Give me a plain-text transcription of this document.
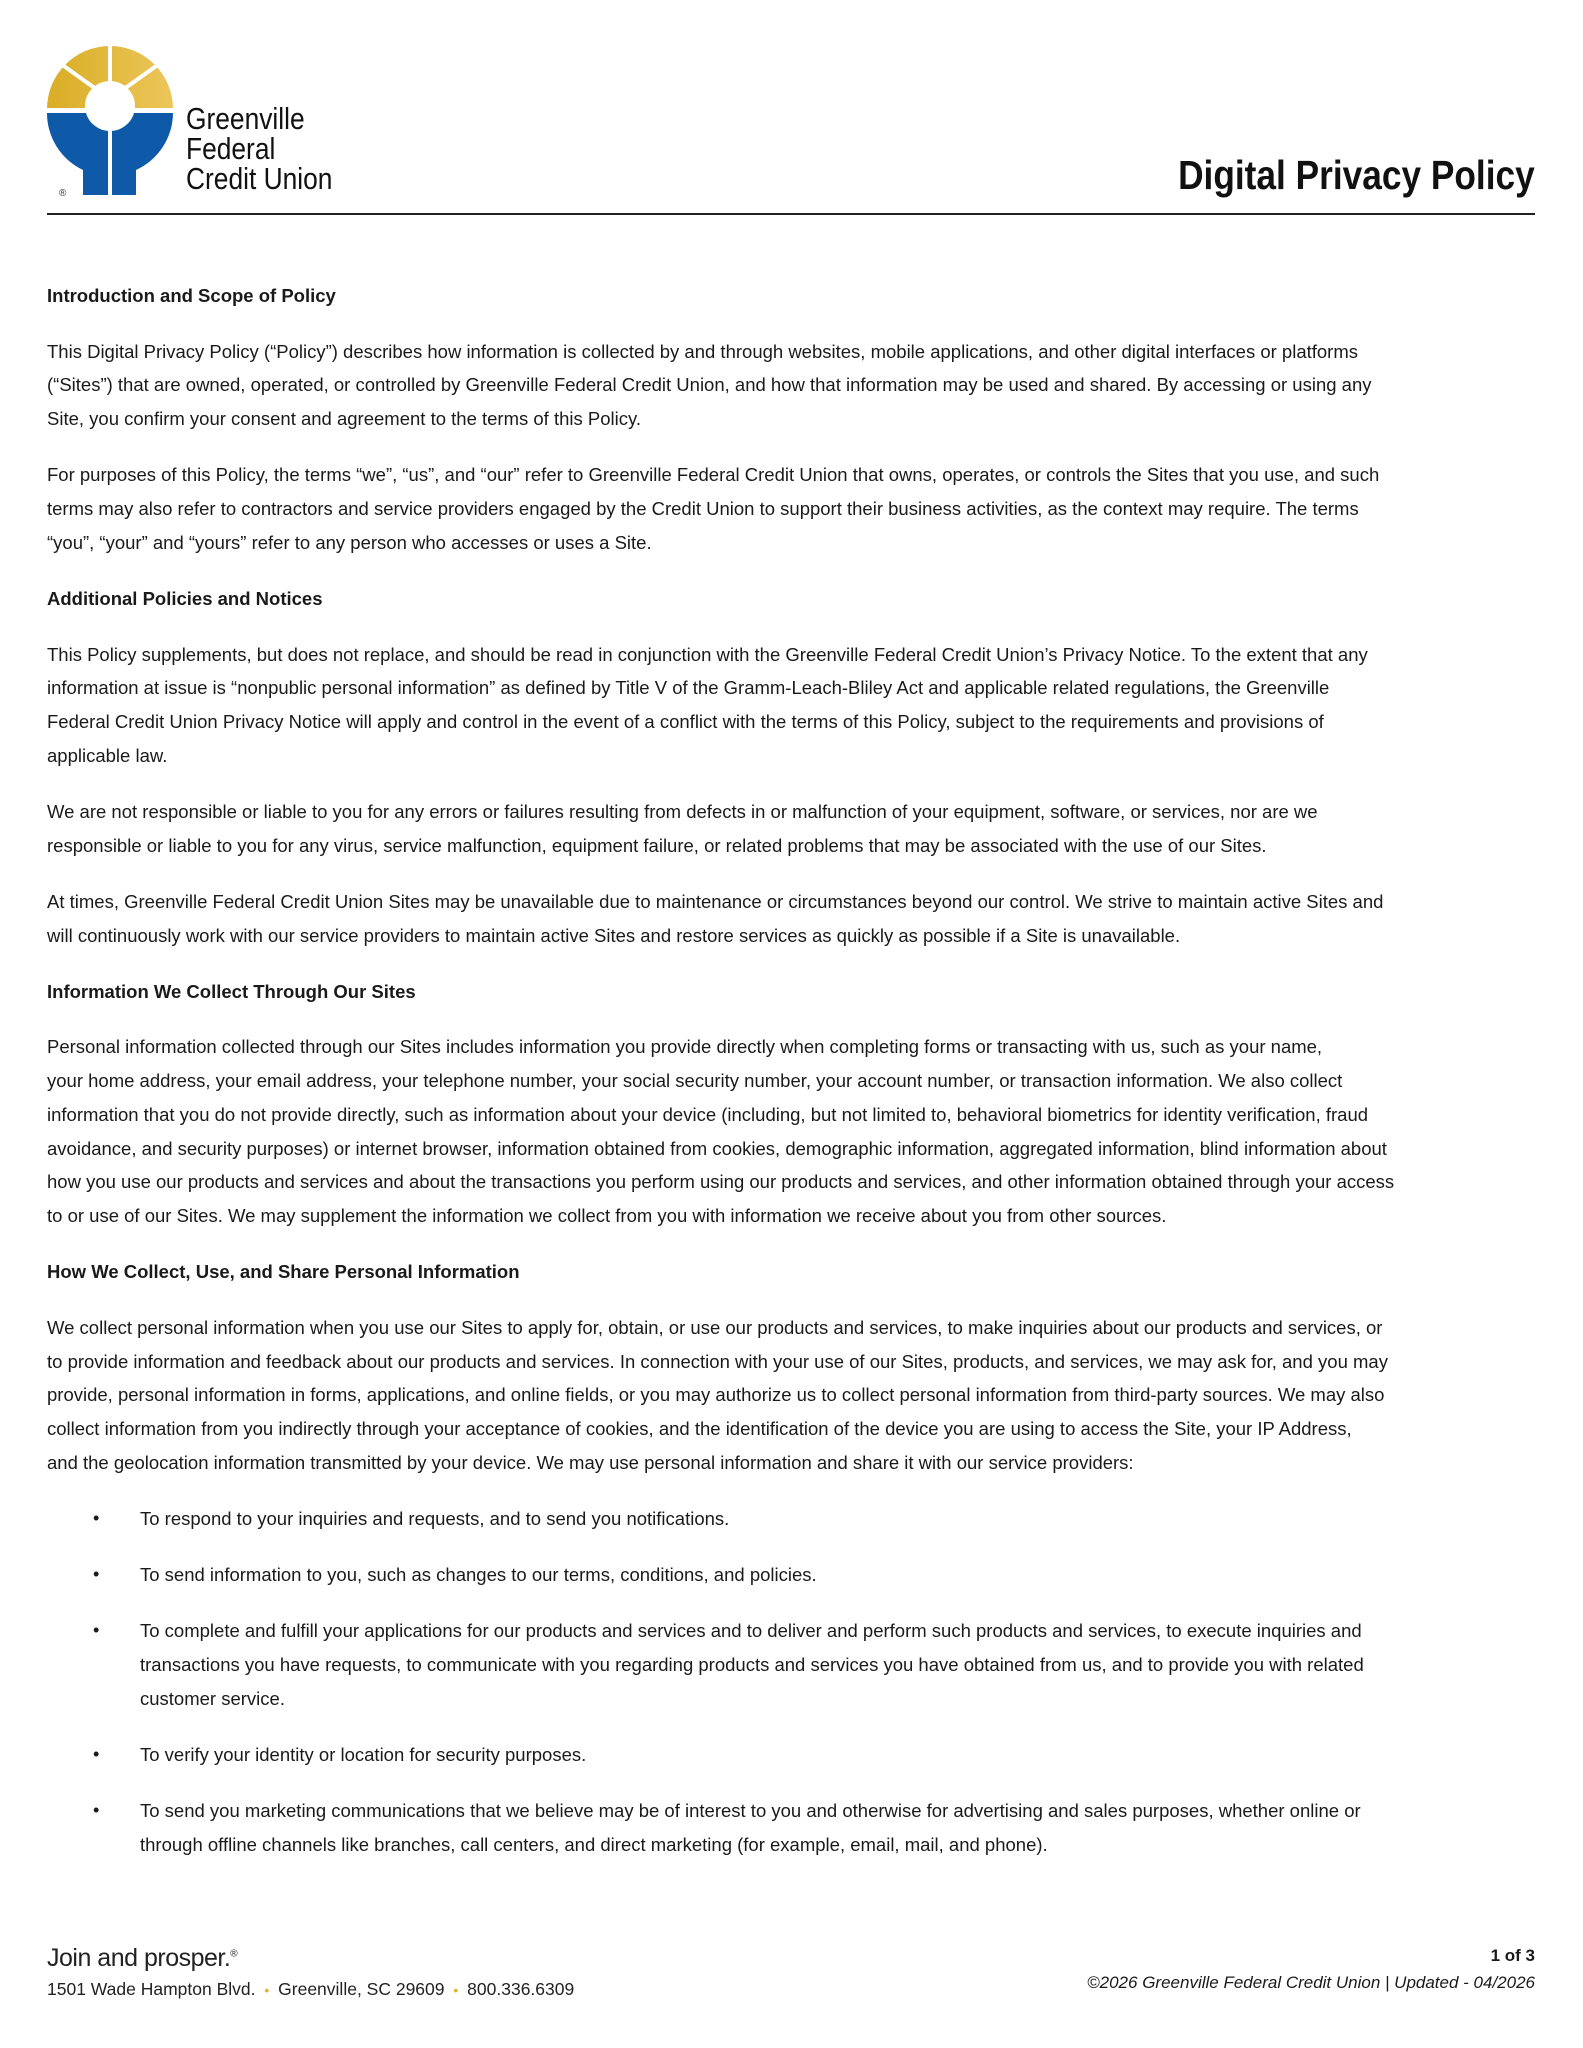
®
Greenville
Federal
Credit Union	Digital Privacy Policy
Introduction and Scope of Policy
This Digital Privacy Policy (“Policy”) describes how information is collected by and through websites, mobile applications, and other digital interfaces or platforms
(“Sites”) that are owned, operated, or controlled by Greenville Federal Credit Union, and how that information may be used and shared. By accessing or using any
Site, you confirm your consent and agreement to the terms of this Policy.
For purposes of this Policy, the terms “we”, “us”, and “our” refer to Greenville Federal Credit Union that owns, operates, or controls the Sites that you use, and such
terms may also refer to contractors and service providers engaged by the Credit Union to support their business activities, as the context may require. The terms
“you”, “your” and “yours” refer to any person who accesses or uses a Site.
Additional Policies and Notices
This Policy supplements, but does not replace, and should be read in conjunction with the Greenville Federal Credit Union’s Privacy Notice. To the extent that any
information at issue is “nonpublic personal information” as defined by Title V of the Gramm-Leach-Bliley Act and applicable related regulations, the Greenville
Federal Credit Union Privacy Notice will apply and control in the event of a conflict with the terms of this Policy, subject to the requirements and provisions of
applicable law.
We are not responsible or liable to you for any errors or failures resulting from defects in or malfunction of your equipment, software, or services, nor are we
responsible or liable to you for any virus, service malfunction, equipment failure, or related problems that may be associated with the use of our Sites.
At times, Greenville Federal Credit Union Sites may be unavailable due to maintenance or circumstances beyond our control. We strive to maintain active Sites and
will continuously work with our service providers to maintain active Sites and restore services as quickly as possible if a Site is unavailable.
Information We Collect Through Our Sites
Personal information collected through our Sites includes information you provide directly when completing forms or transacting with us, such as your name,
your home address, your email address, your telephone number, your social security number, your account number, or transaction information. We also collect
information that you do not provide directly, such as information about your device (including, but not limited to, behavioral biometrics for identity verification, fraud
avoidance, and security purposes) or internet browser, information obtained from cookies, demographic information, aggregated information, blind information about
how you use our products and services and about the transactions you perform using our products and services, and other information obtained through your access
to or use of our Sites. We may supplement the information we collect from you with information we receive about you from other sources.
How We Collect, Use, and Share Personal Information
We collect personal information when you use our Sites to apply for, obtain, or use our products and services, to make inquiries about our products and services, or
to provide information and feedback about our products and services. In connection with your use of our Sites, products, and services, we may ask for, and you may
provide, personal information in forms, applications, and online fields, or you may authorize us to collect personal information from third-party sources. We may also
collect information from you indirectly through your acceptance of cookies, and the identification of the device you are using to access the Site, your IP Address,
and the geolocation information transmitted by your device. We may use personal information and share it with our service providers:
• To respond to your inquiries and requests, and to send you notifications.
• To send information to you, such as changes to our terms, conditions, and policies.
• To complete and fulfill your applications for our products and services and to deliver and perform such products and services, to execute inquiries and
transactions you have requests, to communicate with you regarding products and services you have obtained from us, and to provide you with related
customer service.
• To verify your identity or location for security purposes.
• To send you marketing communications that we believe may be of interest to you and otherwise for advertising and sales purposes, whether online or
through offline channels like branches, call centers, and direct marketing (for example, email, mail, and phone).
Join and prosper.®
1501 Wade Hampton Blvd. • Greenville, SC 29609 • 800.336.6309
1 of 3
©2026 Greenville Federal Credit Union | Updated - 04/2026
